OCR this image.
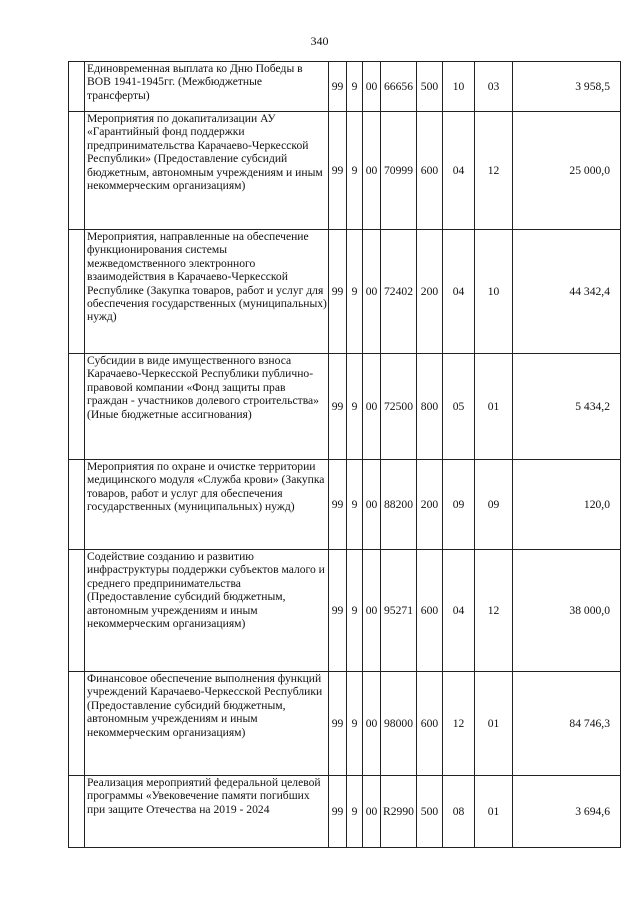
340
	Единовременная выплата ко Дню Победы в ВОВ 1941-1945гг. (Межбюджетные трансферты)	99	9	00	66656	500	10	03	3 958,5
	Мероприятия по докапитализации АУ «Гарантийный фонд поддержки предпринимательства Карачаево-Черкесской Республики» (Предоставление субсидий бюджетным, автономным учреждениям и иным некоммерческим организациям)	99	9	00	70999	600	04	12	25 000,0
	Мероприятия, направленные на обеспечение функционирования системы межведомственного электронного взаимодействия в Карачаево-Черкесской Республике (Закупка товаров, работ и услуг для обеспечения государственных (муниципальных) нужд)	99	9	00	72402	200	04	10	44 342,4
	Субсидии в виде имущественного взноса Карачаево-Черкесской Республики публично-правовой компании «Фонд защиты прав граждан - участников долевого строительства» (Иные бюджетные ассигнования)	99	9	00	72500	800	05	01	5 434,2
	Мероприятия по охране и очистке территории медицинского модуля «Служба крови» (Закупка товаров, работ и услуг для обеспечения государственных (муниципальных) нужд)	99	9	00	88200	200	09	09	120,0
	Содействие созданию и развитию инфраструктуры поддержки субъектов малого и среднего предпринимательства (Предоставление субсидий бюджетным, автономным учреждениям и иным некоммерческим организациям)	99	9	00	95271	600	04	12	38 000,0
	Финансовое обеспечение выполнения функций учреждений Карачаево-Черкесской Республики (Предоставление субсидий бюджетным, автономным учреждениям и иным некоммерческим организациям)	99	9	00	98000	600	12	01	84 746,3
	Реализация мероприятий федеральной целевой программы «Увековечение памяти погибших при защите Отечества на 2019 - 2024	99	9	00	R2990	500	08	01	3 694,6
